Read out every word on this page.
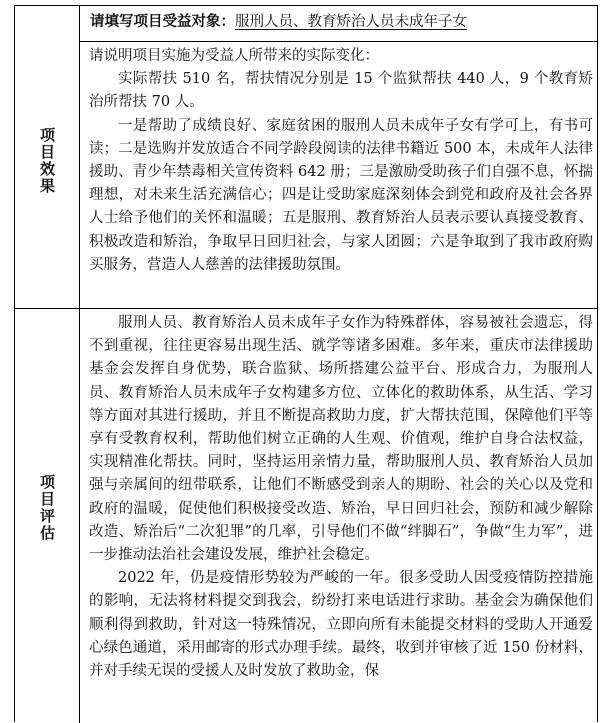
项目效果
请填写项目受益对象：服刑人员、教育矫治人员未成年子女

请说明项目实施为受益人所带来的实际变化：

实际帮扶 510 名，帮扶情况分别是 15 个监狱帮扶 440 人，9 个教育矫治所帮扶 70 人。

一是帮助了成绩良好、家庭贫困的服刑人员未成年子女有学可上，有书可读；二是选购并发放适合不同学龄段阅读的法律书籍近 500 本，未成年人法律援助、青少年禁毒相关宣传资料 642 册；三是激励受助孩子们自强不息，怀揣理想，对未来生活充满信心；四是让受助家庭深刻体会到党和政府及社会各界人士给予他们的关怀和温暖；五是服刑、教育矫治人员表示要认真接受教育、积极改造和矫治，争取早日回归社会，与家人团圆；六是争取到了我市政府购买服务，营造人人慈善的法律援助氛围。

项目评估

服刑人员、教育矫治人员未成年子女作为特殊群体，容易被社会遗忘，得不到重视，往往更容易出现生活、就学等诸多困难。多年来，重庆市法律援助基金会发挥自身优势，联合监狱、场所搭建公益平台、形成合力，为服刑人员、教育矫治人员未成年子女构建多方位、立体化的救助体系，从生活、学习等方面对其进行援助，并且不断提高救助力度，扩大帮扶范围，保障他们平等享有受教育权利，帮助他们树立正确的人生观、价值观，维护自身合法权益，实现精准化帮扶。同时，坚持运用亲情力量，帮助服刑人员、教育矫治人员加强与亲属间的纽带联系，让他们不断感受到亲人的期盼、社会的关心以及党和政府的温暖，促使他们积极接受改造、矫治，早日回归社会，预防和减少解除改造、矫治后“二次犯罪”的几率，引导他们不做“绊脚石”，争做“生力军”，进一步推动法治社会建设发展，维护社会稳定。

2022 年，仍是疫情形势较为严峻的一年。很多受助人因受疫情防控措施的影响，无法将材料提交到我会，纷纷打来电话进行求助。基金会为确保他们顺利得到救助，针对这一特殊情况，立即向所有未能提交材料的受助人开通爱心绿色通道，采用邮寄的形式办理手续。最终，收到并审核了近 150 份材料，并对手续无误的受援人及时发放了救助金，保
